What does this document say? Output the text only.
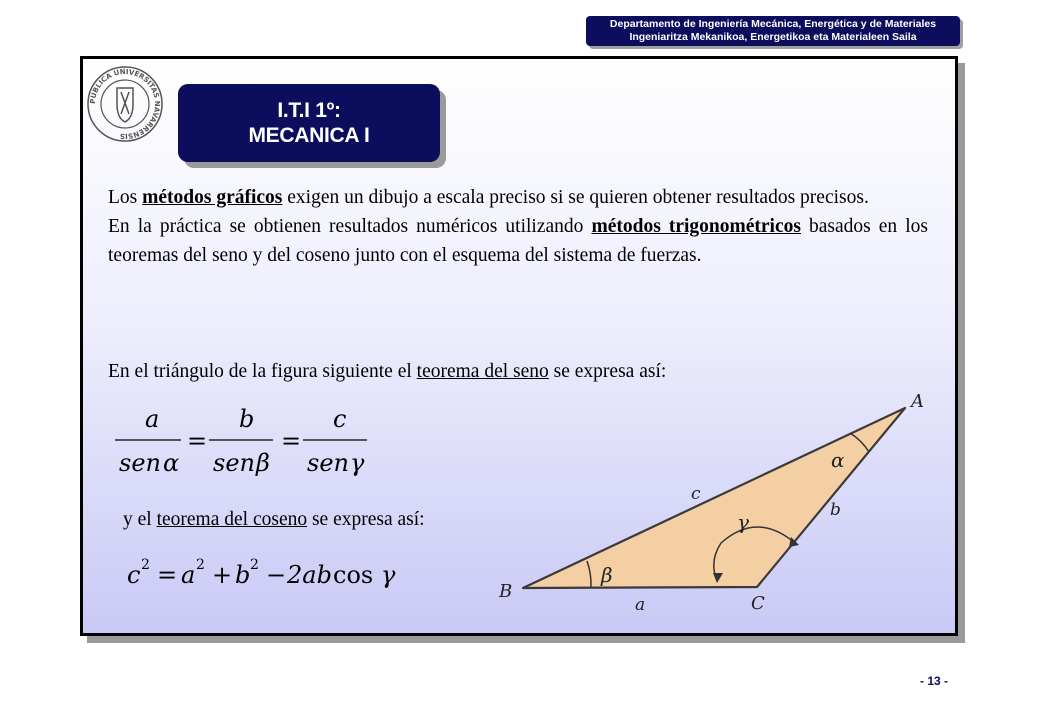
Departamento de Ingeniería Mecánica, Energética y de Materiales
Ingeniaritza Mekanikoa, Energetikoa eta Materialeen Saila
PUBLICA UNIVERSITAS NAVARRENSIS
I.T.I 1º:
MECANICA I
Los métodos gráficos exigen un dibujo a escala preciso si se quieren obtener resultados precisos.
En la práctica se obtienen resultados numéricos utilizando métodos trigonométricos basados en los teoremas del seno y del coseno junto con el esquema del sistema de fuerzas.
En el triángulo de la figura siguiente el teorema del seno se expresa así:
a
sen α
=
b
sen β
=
c
sen γ
y el teorema del coseno se expresa así:
c 2 = a 2 + b 2 − 2ab cos γ
A
B
C
c
b
a
β
α
γ
- 13 -
